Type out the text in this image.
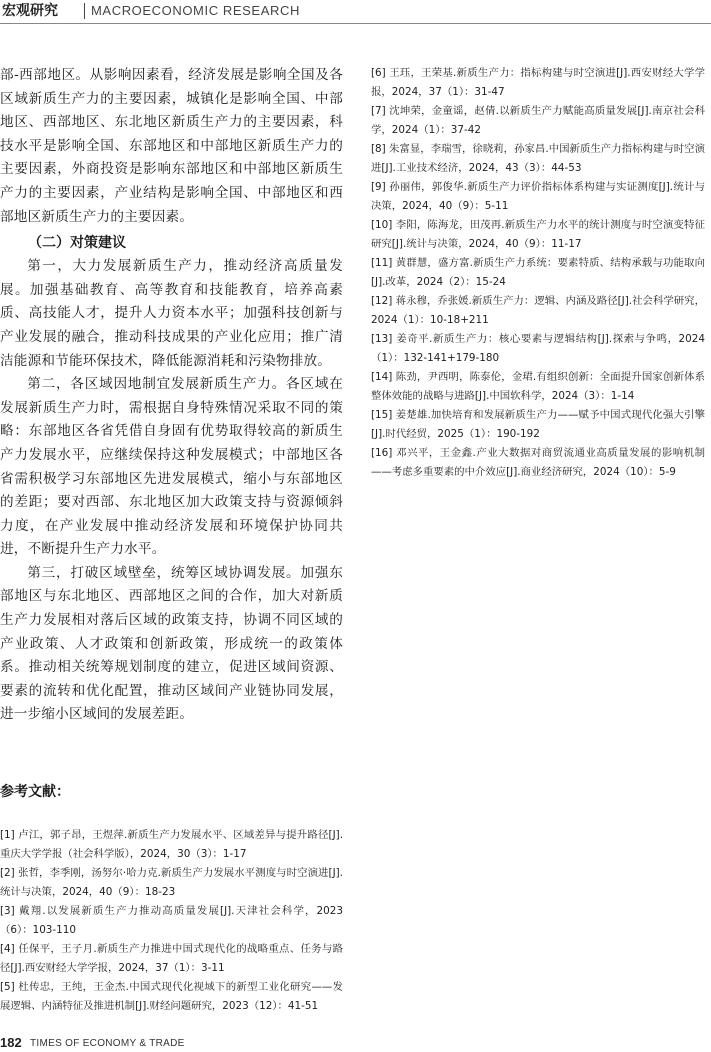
宏观研究	MACROECONOMIC RESEARCH

部-西部地区。从影响因素看，经济发展是影响全国及各区域新质生产力的主要因素，城镇化是影响全国、中部地区、西部地区、东北地区新质生产力的主要因素，科技水平是影响全国、东部地区和中部地区新质生产力的主要因素，外商投资是影响东部地区和中部地区新质生产力的主要因素，产业结构是影响全国、中部地区和西部地区新质生产力的主要因素。

（二）对策建议

第一，大力发展新质生产力，推动经济高质量发展。加强基础教育、高等教育和技能教育，培养高素质、高技能人才，提升人力资本水平；加强科技创新与产业发展的融合，推动科技成果的产业化应用；推广清洁能源和节能环保技术，降低能源消耗和污染物排放。

第二，各区域因地制宜发展新质生产力。各区域在发展新质生产力时，需根据自身特殊情况采取不同的策略：东部地区各省凭借自身固有优势取得较高的新质生产力发展水平，应继续保持这种发展模式；中部地区各省需积极学习东部地区先进发展模式，缩小与东部地区的差距；要对西部、东北地区加大政策支持与资源倾斜力度，在产业发展中推动经济发展和环境保护协同共进，不断提升生产力水平。

第三，打破区域壁垒，统筹区域协调发展。加强东部地区与东北地区、西部地区之间的合作，加大对新质生产力发展相对落后区域的政策支持，协调不同区域的产业政策、人才政策和创新政策，形成统一的政策体系。推动相关统筹规划制度的建立，促进区域间资源、要素的流转和优化配置，推动区域间产业链协同发展，进一步缩小区域间的发展差距。

参考文献：

[1] 卢江，郭子昂，王煜萍.新质生产力发展水平、区域差异与提升路径[J].重庆大学学报（社会科学版），2024，30（3）：1-17

[2] 张哲，李季刚，汤努尔·哈力克.新质生产力发展水平测度与时空演进[J].统计与决策，2024，40（9）：18-23

[3] 戴翔.以发展新质生产力推动高质量发展[J].天津社会科学，2023（6）：103-110

[4] 任保平，王子月.新质生产力推进中国式现代化的战略重点、任务与路径[J].西安财经大学学报，2024，37（1）：3-11

[5] 杜传忠，王纯，王金杰.中国式现代化视域下的新型工业化研究——发展逻辑、内涵特征及推进机制[J].财经问题研究，2023（12）：41-51

[6] 王珏，王荣基.新质生产力：指标构建与时空演进[J].西安财经大学学报，2024，37（1）：31-47

[7] 沈坤荣，金童谣，赵倩.以新质生产力赋能高质量发展[J].南京社会科学，2024（1）：37-42

[8] 朱富显，李瑞雪，徐晓莉，孙家昌.中国新质生产力指标构建与时空演进[J].工业技术经济，2024，43（3）：44-53

[9] 孙丽伟，郭俊华.新质生产力评价指标体系构建与实证测度[J].统计与决策，2024，40（9）：5-11

[10] 李阳，陈海龙，田茂再.新质生产力水平的统计测度与时空演变特征研究[J].统计与决策，2024，40（9）：11-17

[11] 黄群慧，盛方富.新质生产力系统：要素特质、结构承载与功能取向[J].改革，2024（2）：15-24

[12] 蒋永穆，乔张媛.新质生产力：逻辑、内涵及路径[J].社会科学研究，2024（1）：10-18+211

[13] 姜奇平.新质生产力：核心要素与逻辑结构[J].探索与争鸣，2024（1）：132-141+179-180

[14] 陈劲，尹西明，陈泰伦，金珺.有组织创新：全面提升国家创新体系整体效能的战略与进路[J].中国软科学，2024（3）：1-14

[15] 姜楚雄.加快培育和发展新质生产力——赋予中国式现代化强大引擎[J].时代经贸，2025（1）：190-192

[16] 邓兴平，王金鑫.产业大数据对商贸流通业高质量发展的影响机制——考虑多重要素的中介效应[J].商业经济研究，2024（10）：5-9

182 TIMES OF ECONOMY & TRADE
